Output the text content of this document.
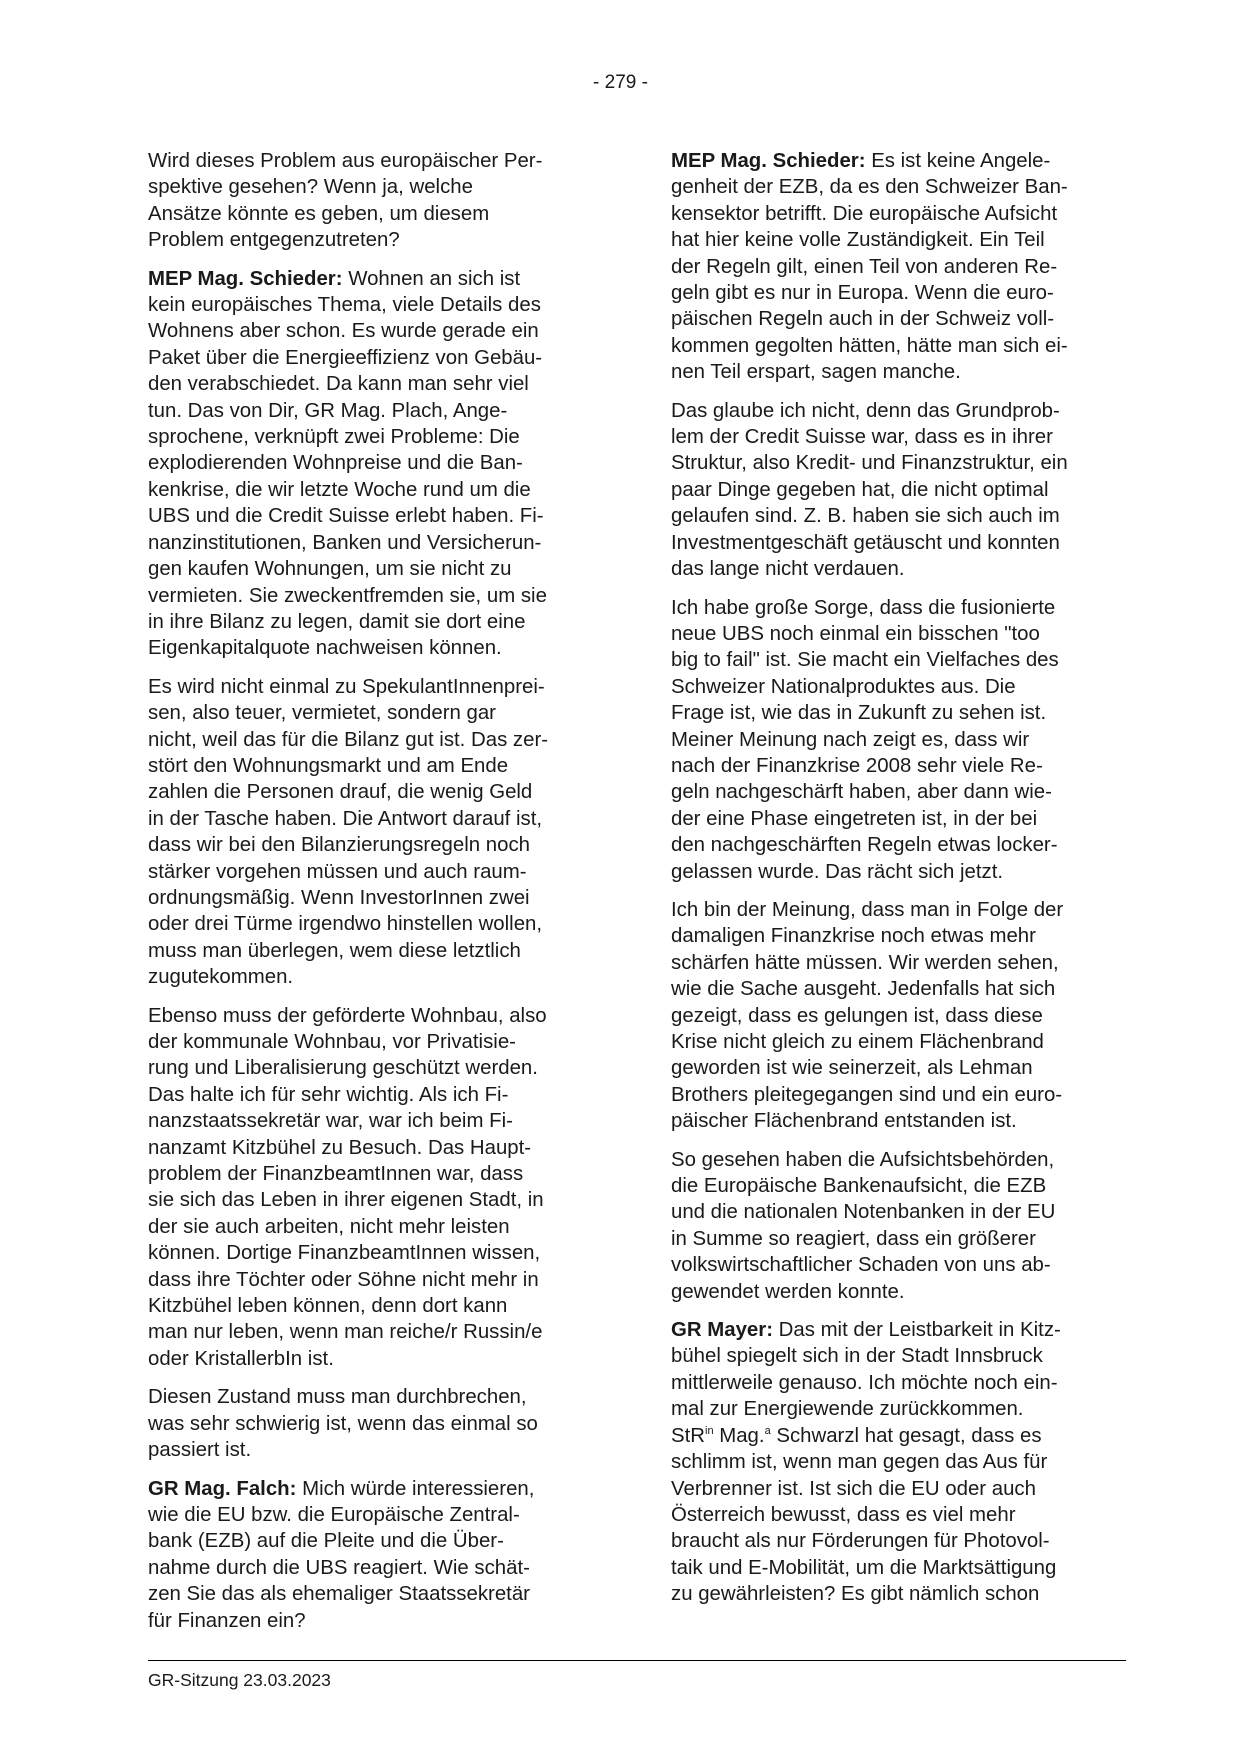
- 279 -

Wird dieses Problem aus europäischer Per-
spektive gesehen? Wenn ja, welche
Ansätze könnte es geben, um diesem
Problem entgegenzutreten?

MEP Mag. Schieder: Wohnen an sich ist
kein europäisches Thema, viele Details des
Wohnens aber schon. Es wurde gerade ein
Paket über die Energieeffizienz von Gebäu-
den verabschiedet. Da kann man sehr viel
tun. Das von Dir, GR Mag. Plach, Ange-
sprochene, verknüpft zwei Probleme: Die
explodierenden Wohnpreise und die Ban-
kenkrise, die wir letzte Woche rund um die
UBS und die Credit Suisse erlebt haben. Fi-
nanzinstitutionen, Banken und Versicherun-
gen kaufen Wohnungen, um sie nicht zu
vermieten. Sie zweckentfremden sie, um sie
in ihre Bilanz zu legen, damit sie dort eine
Eigenkapitalquote nachweisen können.

Es wird nicht einmal zu SpekulantInnenprei-
sen, also teuer, vermietet, sondern gar
nicht, weil das für die Bilanz gut ist. Das zer-
stört den Wohnungsmarkt und am Ende
zahlen die Personen drauf, die wenig Geld
in der Tasche haben. Die Antwort darauf ist,
dass wir bei den Bilanzierungsregeln noch
stärker vorgehen müssen und auch raum-
ordnungsmäßig. Wenn InvestorInnen zwei
oder drei Türme irgendwo hinstellen wollen,
muss man überlegen, wem diese letztlich
zugutekommen.

Ebenso muss der geförderte Wohnbau, also
der kommunale Wohnbau, vor Privatisie-
rung und Liberalisierung geschützt werden.
Das halte ich für sehr wichtig. Als ich Fi-
nanzstaatssekretär war, war ich beim Fi-
nanzamt Kitzbühel zu Besuch. Das Haupt-
problem der FinanzbeamtInnen war, dass
sie sich das Leben in ihrer eigenen Stadt, in
der sie auch arbeiten, nicht mehr leisten
können. Dortige FinanzbeamtInnen wissen,
dass ihre Töchter oder Söhne nicht mehr in
Kitzbühel leben können, denn dort kann
man nur leben, wenn man reiche/r Russin/e
oder KristallerbIn ist.

Diesen Zustand muss man durchbrechen,
was sehr schwierig ist, wenn das einmal so
passiert ist.

GR Mag. Falch: Mich würde interessieren,
wie die EU bzw. die Europäische Zentral-
bank (EZB) auf die Pleite und die Über-
nahme durch die UBS reagiert. Wie schät-
zen Sie das als ehemaliger Staatssekretär
für Finanzen ein?

MEP Mag. Schieder: Es ist keine Angele-
genheit der EZB, da es den Schweizer Ban-
kensektor betrifft. Die europäische Aufsicht
hat hier keine volle Zuständigkeit. Ein Teil
der Regeln gilt, einen Teil von anderen Re-
geln gibt es nur in Europa. Wenn die euro-
päischen Regeln auch in der Schweiz voll-
kommen gegolten hätten, hätte man sich ei-
nen Teil erspart, sagen manche.

Das glaube ich nicht, denn das Grundprob-
lem der Credit Suisse war, dass es in ihrer
Struktur, also Kredit- und Finanzstruktur, ein
paar Dinge gegeben hat, die nicht optimal
gelaufen sind. Z. B. haben sie sich auch im
Investmentgeschäft getäuscht und konnten
das lange nicht verdauen.

Ich habe große Sorge, dass die fusionierte
neue UBS noch einmal ein bisschen "too
big to fail" ist. Sie macht ein Vielfaches des
Schweizer Nationalproduktes aus. Die
Frage ist, wie das in Zukunft zu sehen ist.
Meiner Meinung nach zeigt es, dass wir
nach der Finanzkrise 2008 sehr viele Re-
geln nachgeschärft haben, aber dann wie-
der eine Phase eingetreten ist, in der bei
den nachgeschärften Regeln etwas locker-
gelassen wurde. Das rächt sich jetzt.

Ich bin der Meinung, dass man in Folge der
damaligen Finanzkrise noch etwas mehr
schärfen hätte müssen. Wir werden sehen,
wie die Sache ausgeht. Jedenfalls hat sich
gezeigt, dass es gelungen ist, dass diese
Krise nicht gleich zu einem Flächenbrand
geworden ist wie seinerzeit, als Lehman
Brothers pleitegegangen sind und ein euro-
päischer Flächenbrand entstanden ist.

So gesehen haben die Aufsichtsbehörden,
die Europäische Bankenaufsicht, die EZB
und die nationalen Notenbanken in der EU
in Summe so reagiert, dass ein größerer
volkswirtschaftlicher Schaden von uns ab-
gewendet werden konnte.

GR Mayer: Das mit der Leistbarkeit in Kitz-
bühel spiegelt sich in der Stadt Innsbruck
mittlerweile genauso. Ich möchte noch ein-
mal zur Energiewende zurückkommen.
StR$^{in}$ Mag.$^a$ Schwarzl hat gesagt, dass es
schlimm ist, wenn man gegen das Aus für
Verbrenner ist. Ist sich die EU oder auch
Österreich bewusst, dass es viel mehr
braucht als nur Förderungen für Photovol-
taik und E-Mobilität, um die Marktsättigung
zu gewährleisten? Es gibt nämlich schon

GR-Sitzung 23.03.2023
